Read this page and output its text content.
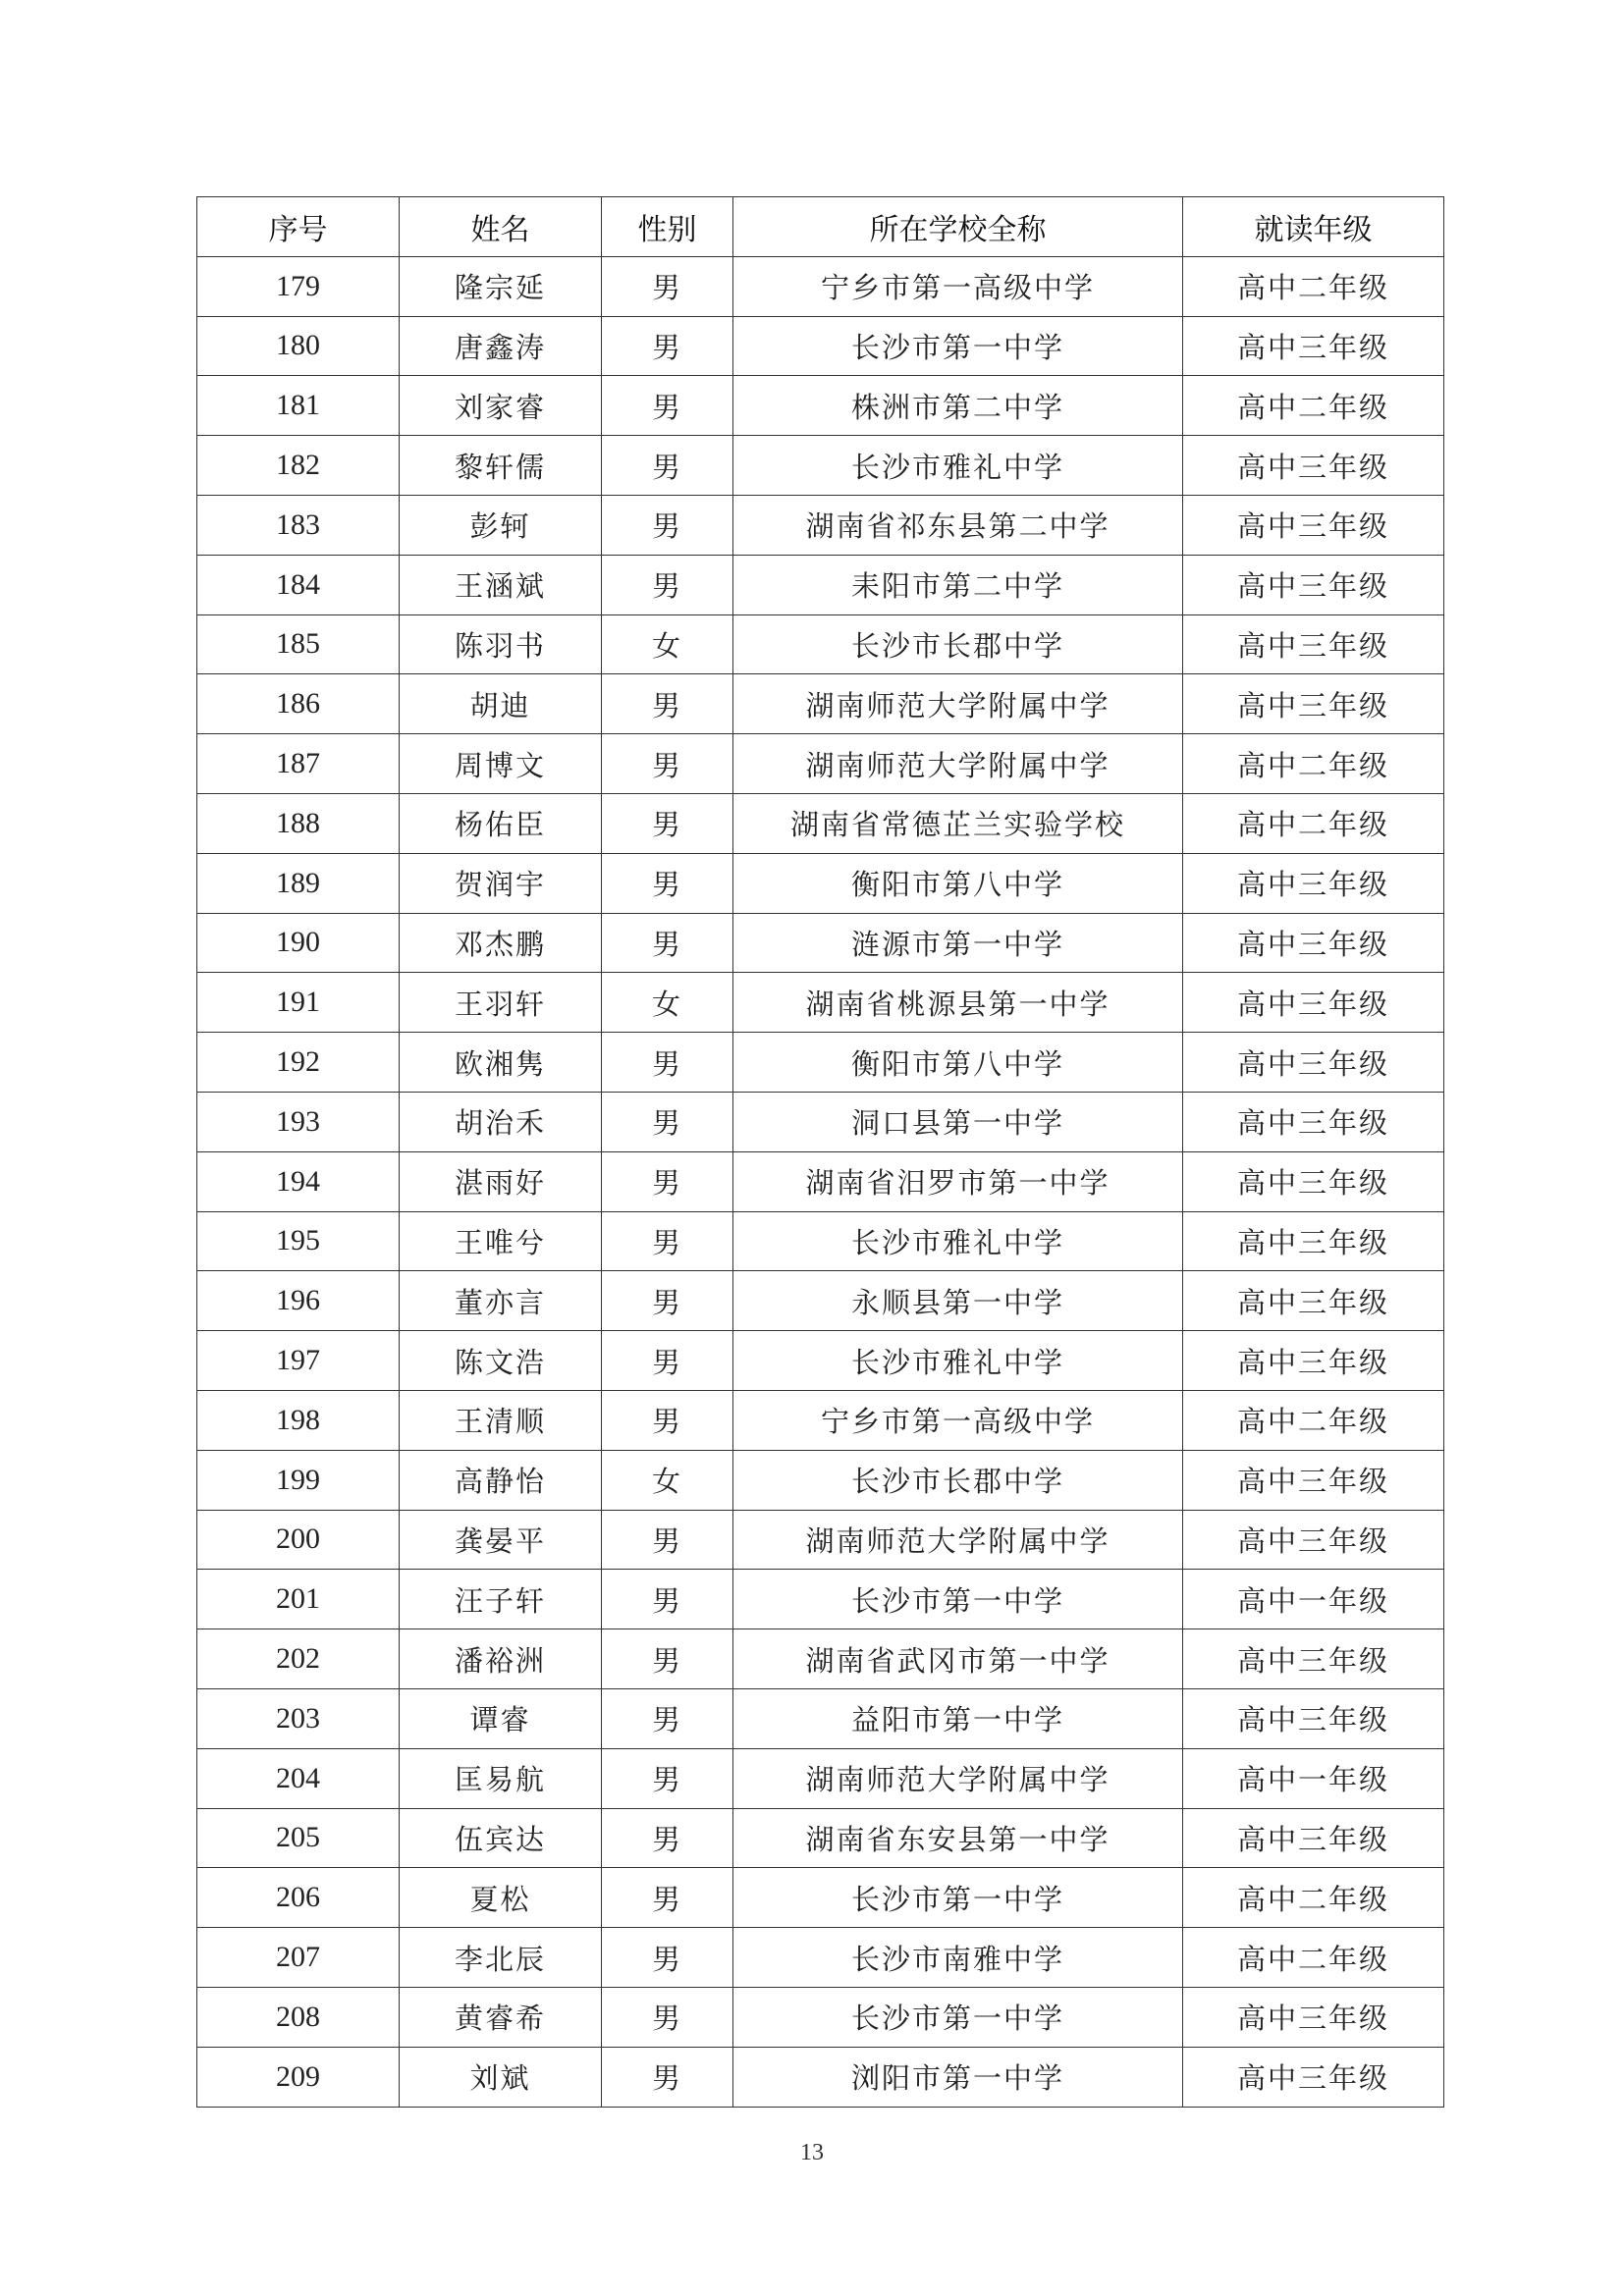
序号	姓名	性别	所在学校全称	就读年级
179	隆宗延	男	宁乡市第一高级中学	高中二年级
180	唐鑫涛	男	长沙市第一中学	高中三年级
181	刘家睿	男	株洲市第二中学	高中二年级
182	黎轩儒	男	长沙市雅礼中学	高中三年级
183	彭轲	男	湖南省祁东县第二中学	高中三年级
184	王涵斌	男	耒阳市第二中学	高中三年级
185	陈羽书	女	长沙市长郡中学	高中三年级
186	胡迪	男	湖南师范大学附属中学	高中三年级
187	周博文	男	湖南师范大学附属中学	高中二年级
188	杨佑臣	男	湖南省常德芷兰实验学校	高中二年级
189	贺润宇	男	衡阳市第八中学	高中三年级
190	邓杰鹏	男	涟源市第一中学	高中三年级
191	王羽轩	女	湖南省桃源县第一中学	高中三年级
192	欧湘隽	男	衡阳市第八中学	高中三年级
193	胡治禾	男	洞口县第一中学	高中三年级
194	湛雨好	男	湖南省汨罗市第一中学	高中三年级
195	王唯兮	男	长沙市雅礼中学	高中三年级
196	董亦言	男	永顺县第一中学	高中三年级
197	陈文浩	男	长沙市雅礼中学	高中三年级
198	王清顺	男	宁乡市第一高级中学	高中二年级
199	高静怡	女	长沙市长郡中学	高中三年级
200	龚晏平	男	湖南师范大学附属中学	高中三年级
201	汪子轩	男	长沙市第一中学	高中一年级
202	潘裕洲	男	湖南省武冈市第一中学	高中三年级
203	谭睿	男	益阳市第一中学	高中三年级
204	匡易航	男	湖南师范大学附属中学	高中一年级
205	伍宾达	男	湖南省东安县第一中学	高中三年级
206	夏松	男	长沙市第一中学	高中二年级
207	李北辰	男	长沙市南雅中学	高中二年级
208	黄睿希	男	长沙市第一中学	高中三年级
209	刘斌	男	浏阳市第一中学	高中三年级
13
